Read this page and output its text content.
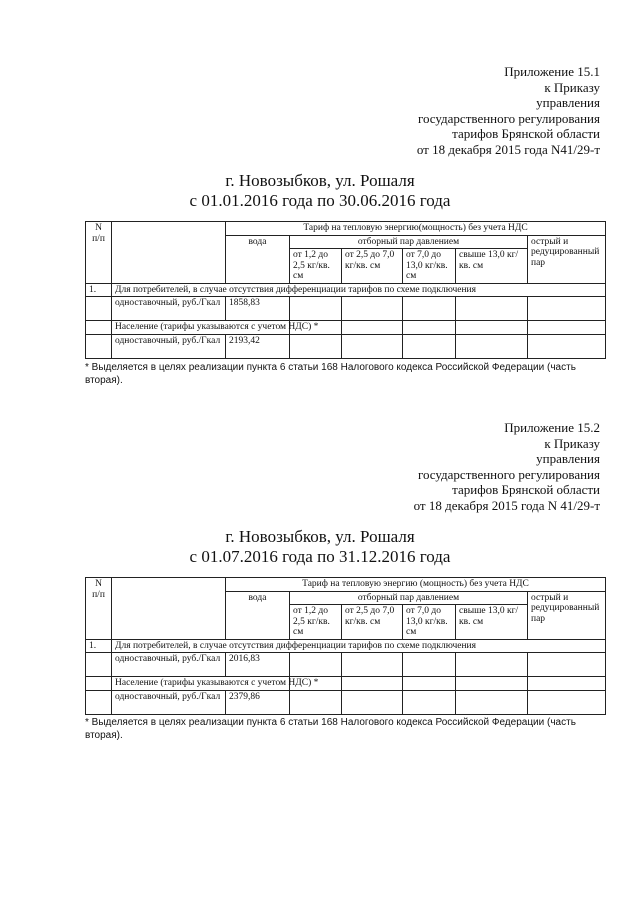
Приложение 15.1
к Приказу
управления
государственного регулирования
тарифов Брянской области
от 18 декабря 2015 года N41/29-т
г. Новозыбков, ул. Рошаля
с 01.01.2016 года по 30.06.2016 года
N
п/п		Тариф на тепловую энергию(мощность) без учета НДС					
		вода	отборный пар давлением				острый и редуцированный пар
			от 1,2 до 2,5 кг/кв. см	от 2,5 до 7,0 кг/кв. см	от 7,0 до 13,0 кг/кв. см	свыше 13,0 кг/кв. см	
1.	Для потребителей, в случае отсутствия дифференциации тарифов по схеме подключения						
	одноставочный, руб./Гкал	1858,83					
	Население (тарифы указываются с учетом НДС) *						
	одноставочный, руб./Гкал	2193,42					
* Выделяется в целях реализации пункта 6 статьи 168 Налогового кодекса Российской Федерации (часть вторая).
Приложение 15.2
к Приказу
управления
государственного регулирования
тарифов Брянской области
от 18 декабря 2015 года N 41/29-т
г. Новозыбков, ул. Рошаля
с 01.07.2016 года по 31.12.2016 года
N
п/п		Тариф на тепловую энергию (мощность) без учета НДС					
		вода	отборный пар давлением				острый и редуцированный пар
			от 1,2 до 2,5 кг/кв. см	от 2,5 до 7,0 кг/кв. см	от 7,0 до 13,0 кг/кв. см	свыше 13,0 кг/кв. см	
1.	Для потребителей, в случае отсутствия дифференциации тарифов по схеме подключения						
	одноставочный, руб./Гкал	2016,83					
	Население (тарифы указываются с учетом НДС) *						
	одноставочный, руб./Гкал	2379,86					
* Выделяется в целях реализации пункта 6 статьи 168 Налогового кодекса Российской Федерации (часть вторая).
